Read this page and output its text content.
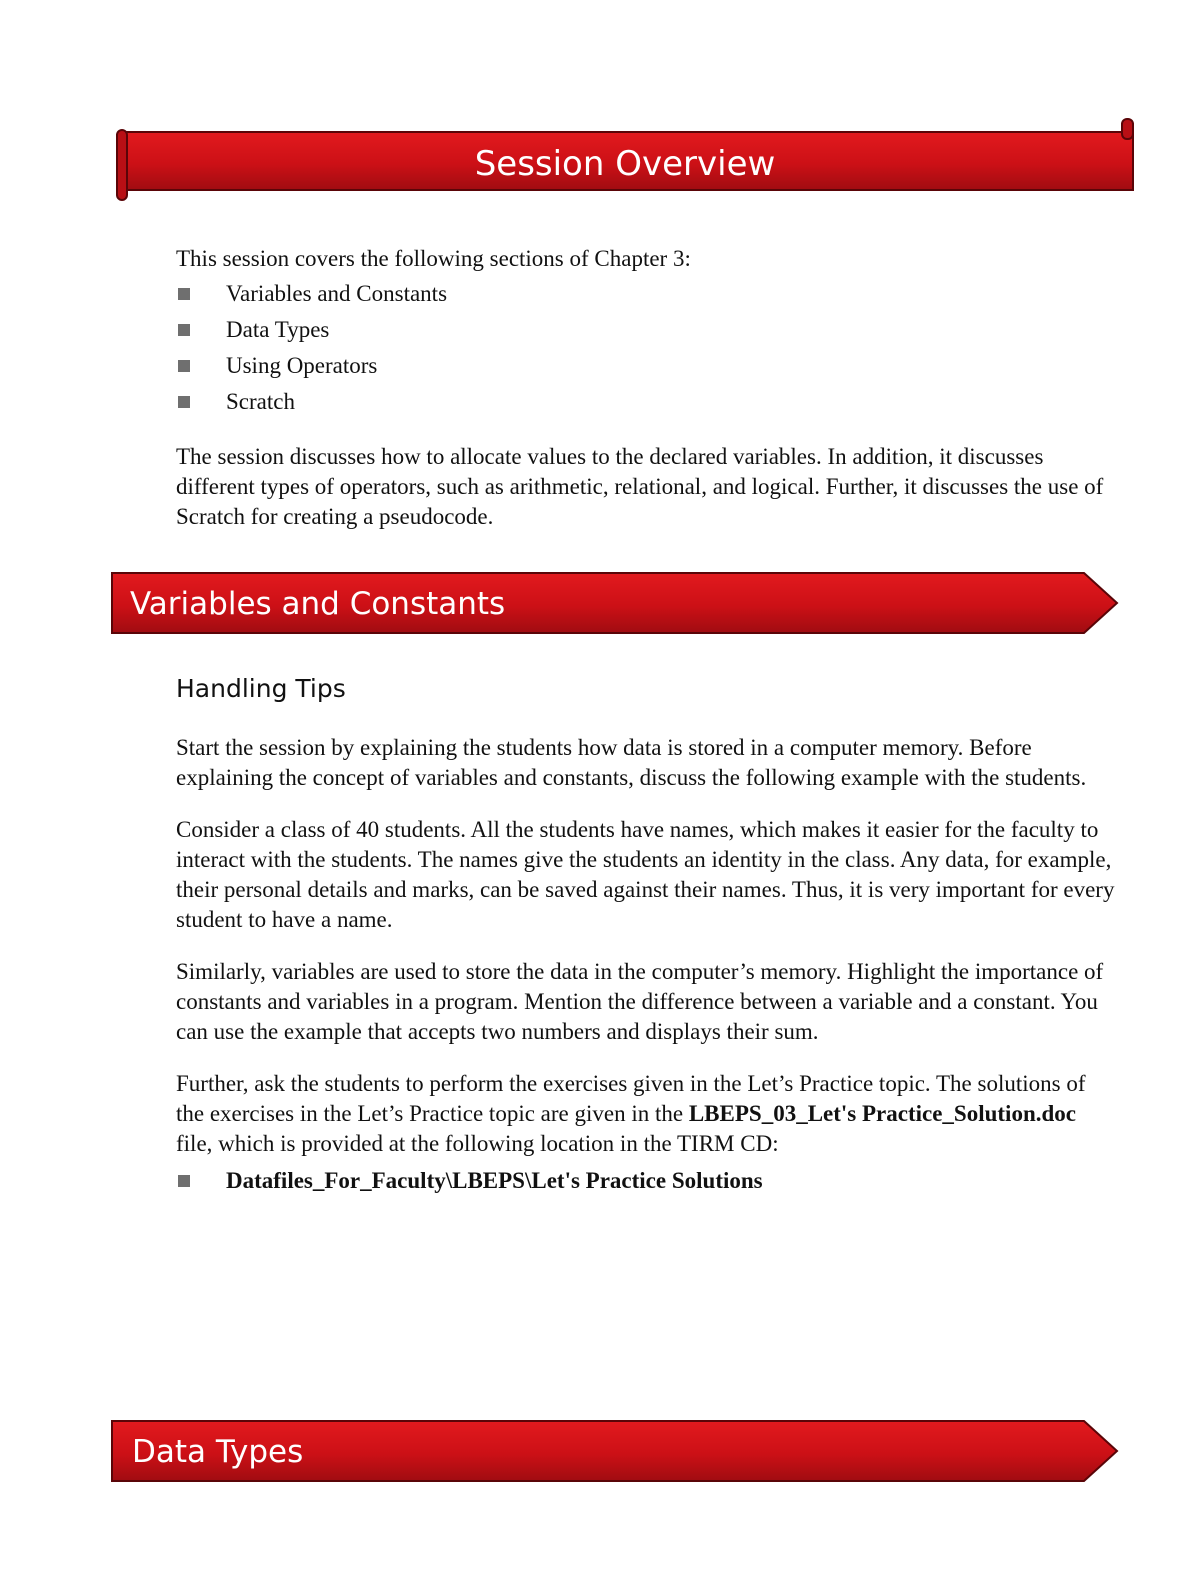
Session Overview

This session covers the following sections of Chapter 3:

Variables and Constants
Data Types
Using Operators
Scratch

The session discusses how to allocate values to the declared variables. In addition, it discusses different types of operators, such as arithmetic, relational, and logical. Further, it discusses the use of Scratch for creating a pseudocode.

Variables and Constants
Handling Tips

Start the session by explaining the students how data is stored in a computer memory. Before explaining the concept of variables and constants, discuss the following example with the students.

Consider a class of 40 students. All the students have names, which makes it easier for the faculty to interact with the students. The names give the students an identity in the class. Any data, for example, their personal details and marks, can be saved against their names. Thus, it is very important for every student to have a name.

Similarly, variables are used to store the data in the computer’s memory. Highlight the importance of constants and variables in a program. Mention the difference between a variable and a constant. You can use the example that accepts two numbers and displays their sum.

Further, ask the students to perform the exercises given in the Let’s Practice topic. The solutions of the exercises in the Let’s Practice topic are given in the LBEPS_03_Let's Practice_Solution.doc file, which is provided at the following location in the TIRM CD:

Datafiles_For_Faculty\LBEPS\Let's Practice Solutions
Data Types
